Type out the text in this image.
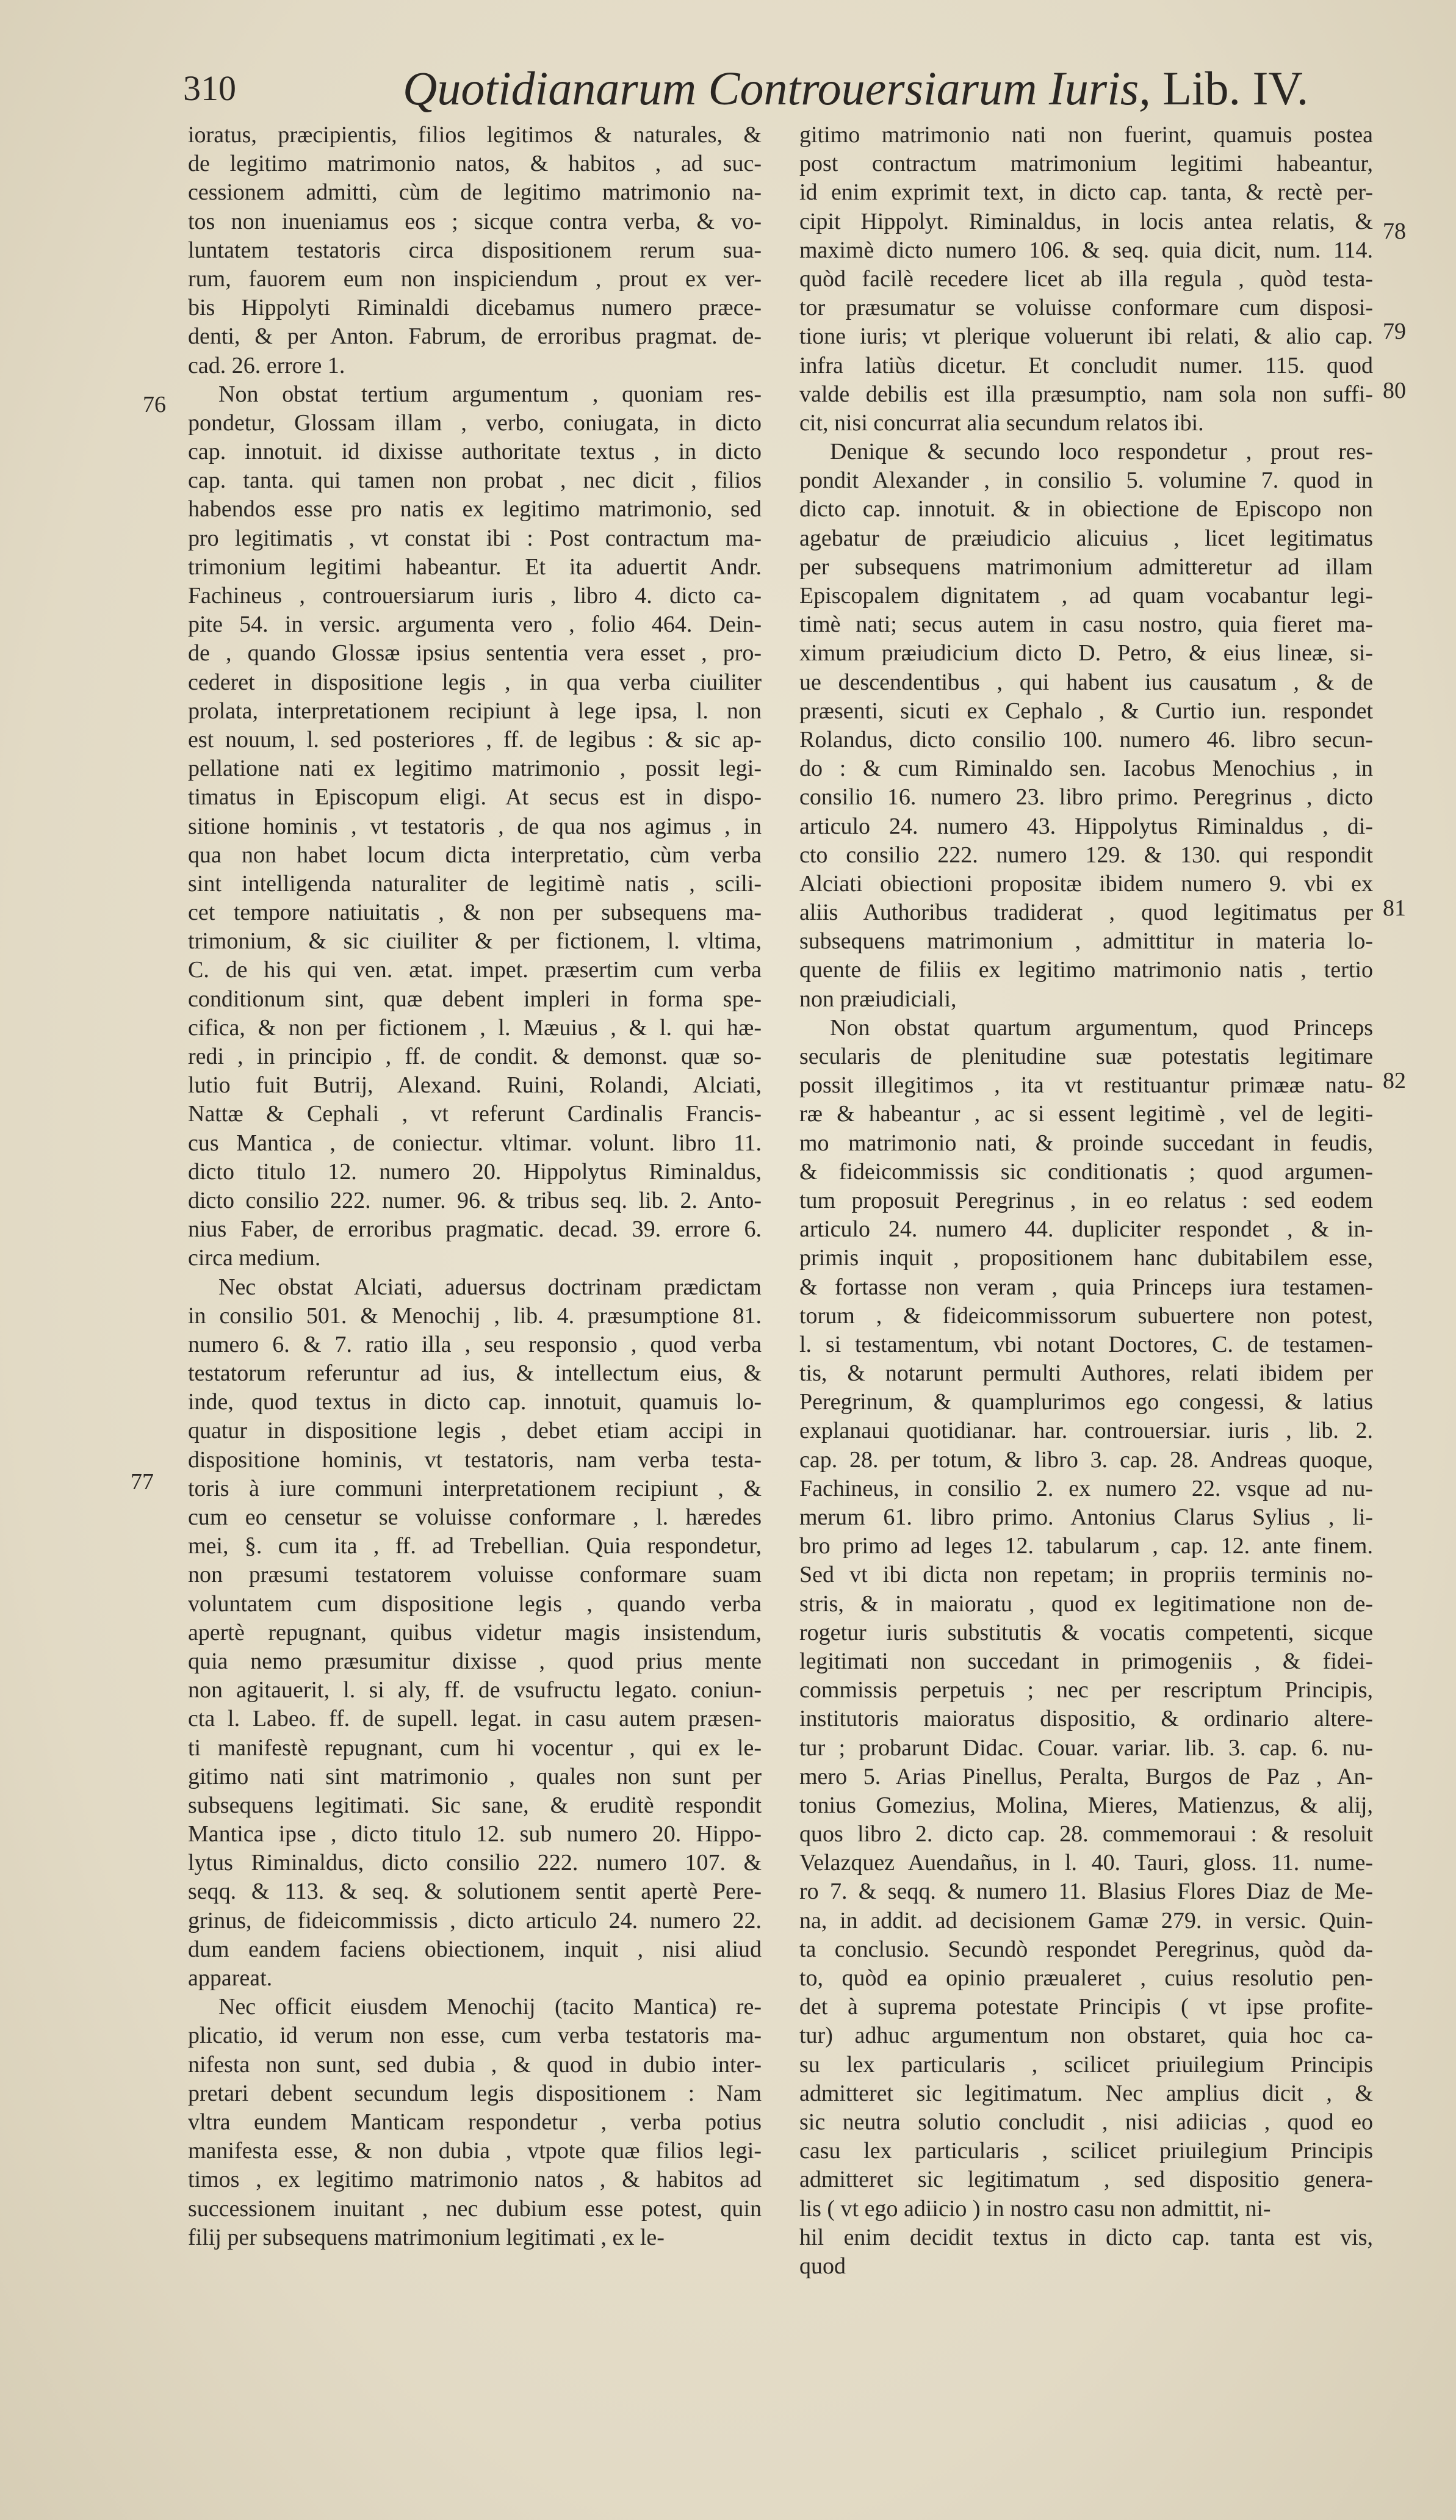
310	Quotidianarum Controuersiarum Iuris, Lib. IV.
ioratus, præcipientis, filios legitimos & naturales, &
de legitimo matrimonio natos, & habitos , ad suc-
cessionem admitti, cùm de legitimo matrimonio na-
tos non inueniamus eos ; sicque contra verba, & vo-
luntatem testatoris circa dispositionem rerum sua-
rum, fauorem eum non inspiciendum , prout ex ver-
bis Hippolyti Riminaldi dicebamus numero præce-
denti, & per Anton. Fabrum, de erroribus pragmat. de-
cad. 26. errore 1.
Non obstat tertium argumentum , quoniam res-
pondetur, Glossam illam , verbo, coniugata, in dicto
cap. innotuit. id dixisse authoritate textus , in dicto
cap. tanta. qui tamen non probat , nec dicit , filios
habendos esse pro natis ex legitimo matrimonio, sed
pro legitimatis , vt constat ibi : Post contractum ma-
trimonium legitimi habeantur. Et ita aduertit Andr.
Fachineus , controuersiarum iuris , libro 4. dicto ca-
pite 54. in versic. argumenta vero , folio 464. Dein-
de , quando Glossæ ipsius sententia vera esset , pro-
cederet in dispositione legis , in qua verba ciuiliter
prolata, interpretationem recipiunt à lege ipsa, l. non
est nouum, l. sed posteriores , ff. de legibus : & sic ap-
pellatione nati ex legitimo matrimonio , possit legi-
timatus in Episcopum eligi. At secus est in dispo-
sitione hominis , vt testatoris , de qua nos agimus , in
qua non habet locum dicta interpretatio, cùm verba
sint intelligenda naturaliter de legitimè natis , scili-
cet tempore natiuitatis , & non per subsequens ma-
trimonium, & sic ciuiliter & per fictionem, l. vltima,
C. de his qui ven. ætat. impet. præsertim cum verba
conditionum sint, quæ debent impleri in forma spe-
cifica, & non per fictionem , l. Mæuius , & l. qui hæ-
redi , in principio , ff. de condit. & demonst. quæ so-
lutio fuit Butrij, Alexand. Ruini, Rolandi, Alciati,
Nattæ & Cephali , vt referunt Cardinalis Francis-
cus Mantica , de coniectur. vltimar. volunt. libro 11.
dicto titulo 12. numero 20. Hippolytus Riminaldus,
dicto consilio 222. numer. 96. & tribus seq. lib. 2. Anto-
nius Faber, de erroribus pragmatic. decad. 39. errore 6.
circa medium.
Nec obstat Alciati, aduersus doctrinam prædictam
in consilio 501. & Menochij , lib. 4. præsumptione 81.
numero 6. & 7. ratio illa , seu responsio , quod verba
testatorum referuntur ad ius, & intellectum eius, &
inde, quod textus in dicto cap. innotuit, quamuis lo-
quatur in dispositione legis , debet etiam accipi in
dispositione hominis, vt testatoris, nam verba testa-
toris à iure communi interpretationem recipiunt , &
cum eo censetur se voluisse conformare , l. hæredes
mei, §. cum ita , ff. ad Trebellian. Quia respondetur,
non præsumi testatorem voluisse conformare suam
voluntatem cum dispositione legis , quando verba
apertè repugnant, quibus videtur magis insistendum,
quia nemo præsumitur dixisse , quod prius mente
non agitauerit, l. si aly, ff. de vsufructu legato. coniun-
cta l. Labeo. ff. de supell. legat. in casu autem præsen-
ti manifestè repugnant, cum hi vocentur , qui ex le-
gitimo nati sint matrimonio , quales non sunt per
subsequens legitimati. Sic sane, & eruditè respondit
Mantica ipse , dicto titulo 12. sub numero 20. Hippo-
lytus Riminaldus, dicto consilio 222. numero 107. &
seqq. & 113. & seq. & solutionem sentit apertè Pere-
grinus, de fideicommissis , dicto articulo 24. numero 22.
dum eandem faciens obiectionem, inquit , nisi aliud
appareat.
Nec officit eiusdem Menochij (tacito Mantica) re-
plicatio, id verum non esse, cum verba testatoris ma-
nifesta non sunt, sed dubia , & quod in dubio inter-
pretari debent secundum legis dispositionem : Nam
vltra eundem Manticam respondetur , verba potius
manifesta esse, & non dubia , vtpote quæ filios legi-
timos , ex legitimo matrimonio natos , & habitos ad
successionem inuitant , nec dubium esse potest, quin
filij per subsequens matrimonium legitimati , ex le-
gitimo matrimonio nati non fuerint, quamuis postea
post contractum matrimonium legitimi habeantur,
id enim exprimit text, in dicto cap. tanta, & rectè per-
cipit Hippolyt. Riminaldus, in locis antea relatis, &
maximè dicto numero 106. & seq. quia dicit, num. 114.
quòd facilè recedere licet ab illa regula , quòd testa-
tor præsumatur se voluisse conformare cum disposi-
tione iuris; vt plerique voluerunt ibi relati, & alio cap.
infra latiùs dicetur. Et concludit numer. 115. quod
valde debilis est illa præsumptio, nam sola non suffi-
cit, nisi concurrat alia secundum relatos ibi.
Denique & secundo loco respondetur , prout res-
pondit Alexander , in consilio 5. volumine 7. quod in
dicto cap. innotuit. & in obiectione de Episcopo non
agebatur de præiudicio alicuius , licet legitimatus
per subsequens matrimonium admitteretur ad illam
Episcopalem dignitatem , ad quam vocabantur legi-
timè nati; secus autem in casu nostro, quia fieret ma-
ximum præiudicium dicto D. Petro, & eius lineæ, si-
ue descendentibus , qui habent ius causatum , & de
præsenti, sicuti ex Cephalo , & Curtio iun. respondet
Rolandus, dicto consilio 100. numero 46. libro secun-
do : & cum Riminaldo sen. Iacobus Menochius , in
consilio 16. numero 23. libro primo. Peregrinus , dicto
articulo 24. numero 43. Hippolytus Riminaldus , di-
cto consilio 222. numero 129. & 130. qui respondit
Alciati obiectioni propositæ ibidem numero 9. vbi ex
aliis Authoribus tradiderat , quod legitimatus per
subsequens matrimonium , admittitur in materia lo-
quente de filiis ex legitimo matrimonio natis , tertio
non præiudiciali,
Non obstat quartum argumentum, quod Princeps
secularis de plenitudine suæ potestatis legitimare
possit illegitimos , ita vt restituantur primææ natu-
ræ & habeantur , ac si essent legitimè , vel de legiti-
mo matrimonio nati, & proinde succedant in feudis,
& fideicommissis sic conditionatis ; quod argumen-
tum proposuit Peregrinus , in eo relatus : sed eodem
articulo 24. numero 44. dupliciter respondet , & in-
primis inquit , propositionem hanc dubitabilem esse,
& fortasse non veram , quia Princeps iura testamen-
torum , & fideicommissorum subuertere non potest,
l. si testamentum, vbi notant Doctores, C. de testamen-
tis, & notarunt permulti Authores, relati ibidem per
Peregrinum, & quamplurimos ego congessi, & latius
explanaui quotidianar. har. controuersiar. iuris , lib. 2.
cap. 28. per totum, & libro 3. cap. 28. Andreas quoque,
Fachineus, in consilio 2. ex numero 22. vsque ad nu-
merum 61. libro primo. Antonius Clarus Sylius , li-
bro primo ad leges 12. tabularum , cap. 12. ante finem.
Sed vt ibi dicta non repetam; in propriis terminis no-
stris, & in maioratu , quod ex legitimatione non de-
rogetur iuris substitutis & vocatis competenti, sicque
legitimati non succedant in primogeniis , & fidei-
commissis perpetuis ; nec per rescriptum Principis,
institutoris maioratus dispositio, & ordinario altere-
tur ; probarunt Didac. Couar. variar. lib. 3. cap. 6. nu-
mero 5. Arias Pinellus, Peralta, Burgos de Paz , An-
tonius Gomezius, Molina, Mieres, Matienzus, & alij,
quos libro 2. dicto cap. 28. commemoraui : & resoluit
Velazquez Auendañus, in l. 40. Tauri, gloss. 11. nume-
ro 7. & seqq. & numero 11. Blasius Flores Diaz de Me-
na, in addit. ad decisionem Gamæ 279. in versic. Quin-
ta conclusio. Secundò respondet Peregrinus, quòd da-
to, quòd ea opinio præualeret , cuius resolutio pen-
det à suprema potestate Principis ( vt ipse profite-
tur) adhuc argumentum non obstaret, quia hoc ca-
su lex particularis , scilicet priuilegium Principis
admitteret sic legitimatum. Nec amplius dicit , &
sic neutra solutio concludit , nisi adiicias , quod eo
casu lex particularis , scilicet priuilegium Principis
admitteret sic legitimatum , sed dispositio genera-
lis ( vt ego adiicio ) in nostro casu non admittit, ni-
hil enim decidit textus in dicto cap. tanta est vis,
quod
76
77
78
79
80
81
82
